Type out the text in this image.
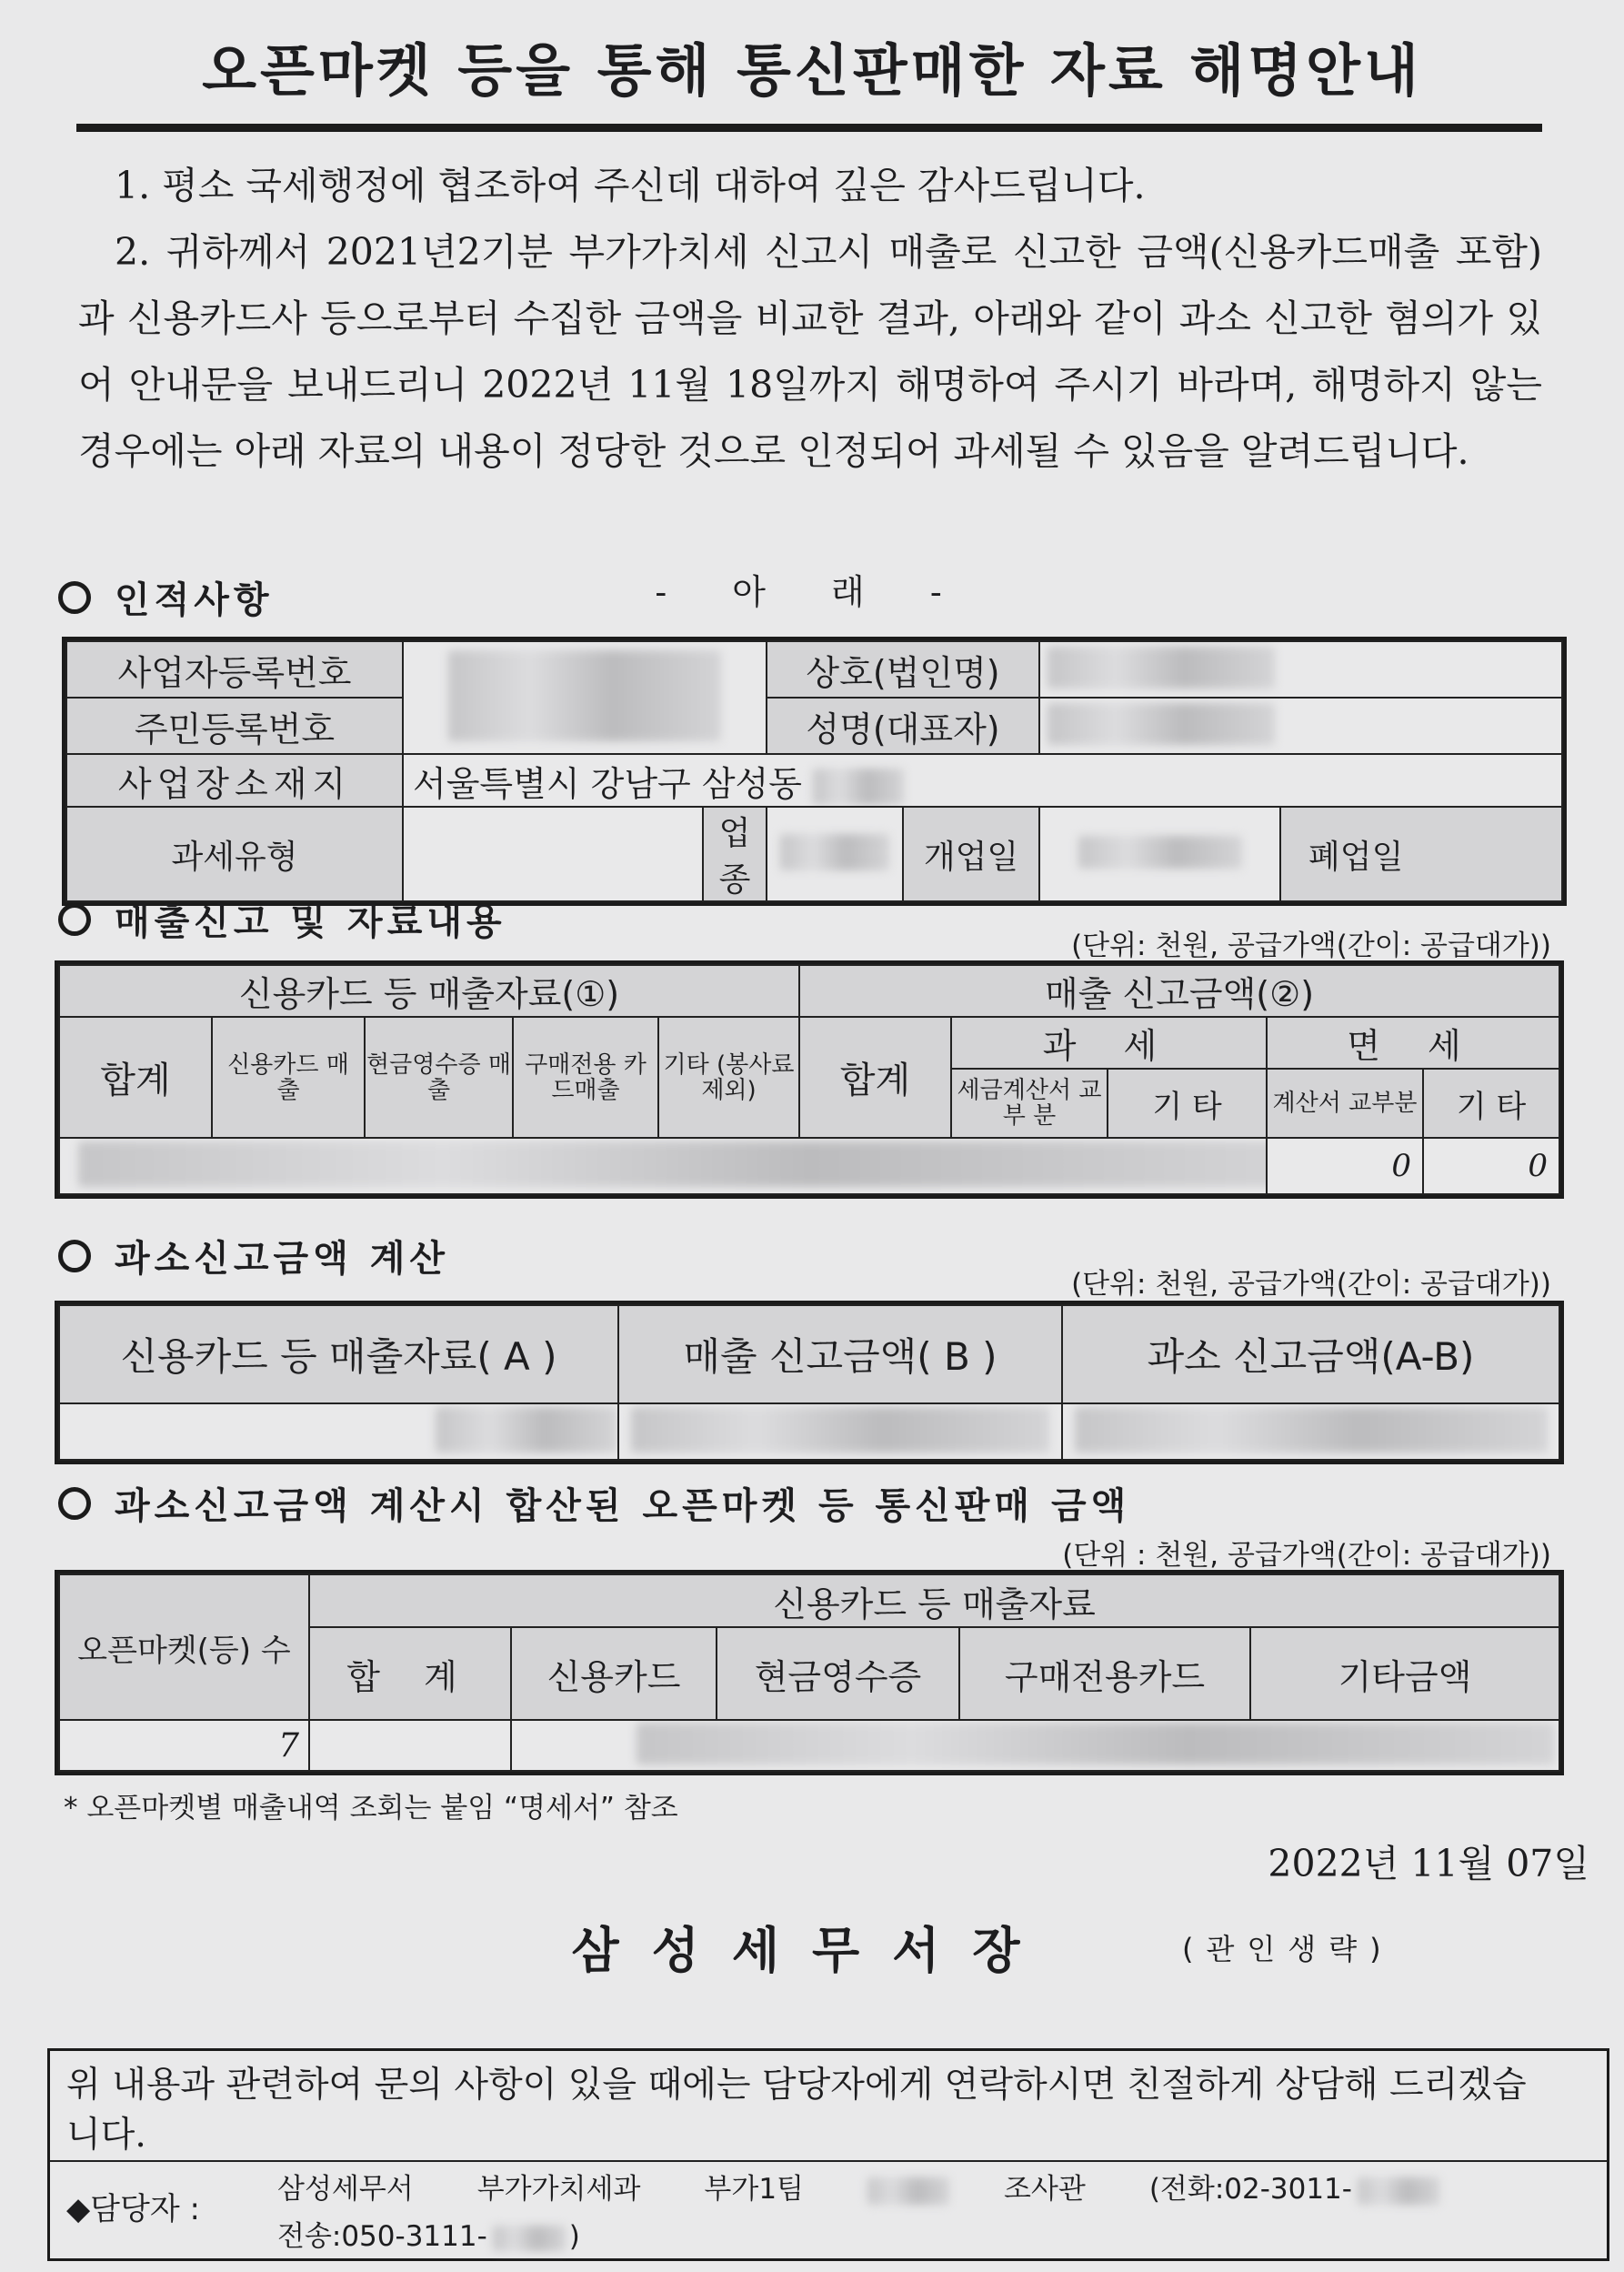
오픈마켓 등을 통해 통신판매한 자료 해명안내

1. 평소 국세행정에 협조하여 주신데 대하여 깊은 감사드립니다.

2. 귀하께서 2021년2기분 부가가치세 신고시 매출로 신고한 금액(신용카드매출 포함)과 신용카드사 등으로부터 수집한 금액을 비교한 결과, 아래와 같이 과소 신고한 혐의가 있어 안내문을 보내드리니 2022년 11월 18일까지 해명하여 주시기 바라며, 해명하지 않는 경우에는 아래 자료의 내용이 정당한 것으로 인정되어 과세될 수 있음을 알려드립니다.

- 아 래 -
인적사항
사업자등록번호			상호(법인명)			
주민등록번호			성명(대표자)			
사업장소재지	서울특별시 강남구 삼성동					
과세유형		업종		개업일		폐업일
매출신고 및 자료내용
(단위: 천원, 공급가액(간이: 공급대가))
신용카드 등 매출자료(①)					매출 신고금액(②)				
합계	신용카드 매 출	현금영수증 매 출	구매전용 카드매출	기타 (봉사료 제외)	합계	과 세		면 세	
						세금계산서 교 부 분	기 타	계산서 교부분	기 타
								0	0
과소신고금액 계산
(단위: 천원, 공급가액(간이: 공급대가))
신용카드 등 매출자료( A )	매출 신고금액( B )	과소 신고금액(A-B)

과소신고금액 계산시 합산된 오픈마켓 등 통신판매 금액
(단위 : 천원, 공급가액(간이: 공급대가))
오픈마켓(등) 수	신용카드 등 매출자료				
	합 계	신용카드	현금영수증	구매전용카드	기타금액
7					
* 오픈마켓별 매출내역 조회는 붙임 “명세서” 참조
2022년 11월 07일
삼성세무서장	(관인생략)
위 내용과 관련하여 문의 사항이 있을 때에는 담당자에게 연락하시면 친절하게 상담해 드리겠습니다.
◆담당자 :
삼성세무서 부가가치세과 부가1팀	조사관 (전화:02-3011-
전송:050-3111-	)
